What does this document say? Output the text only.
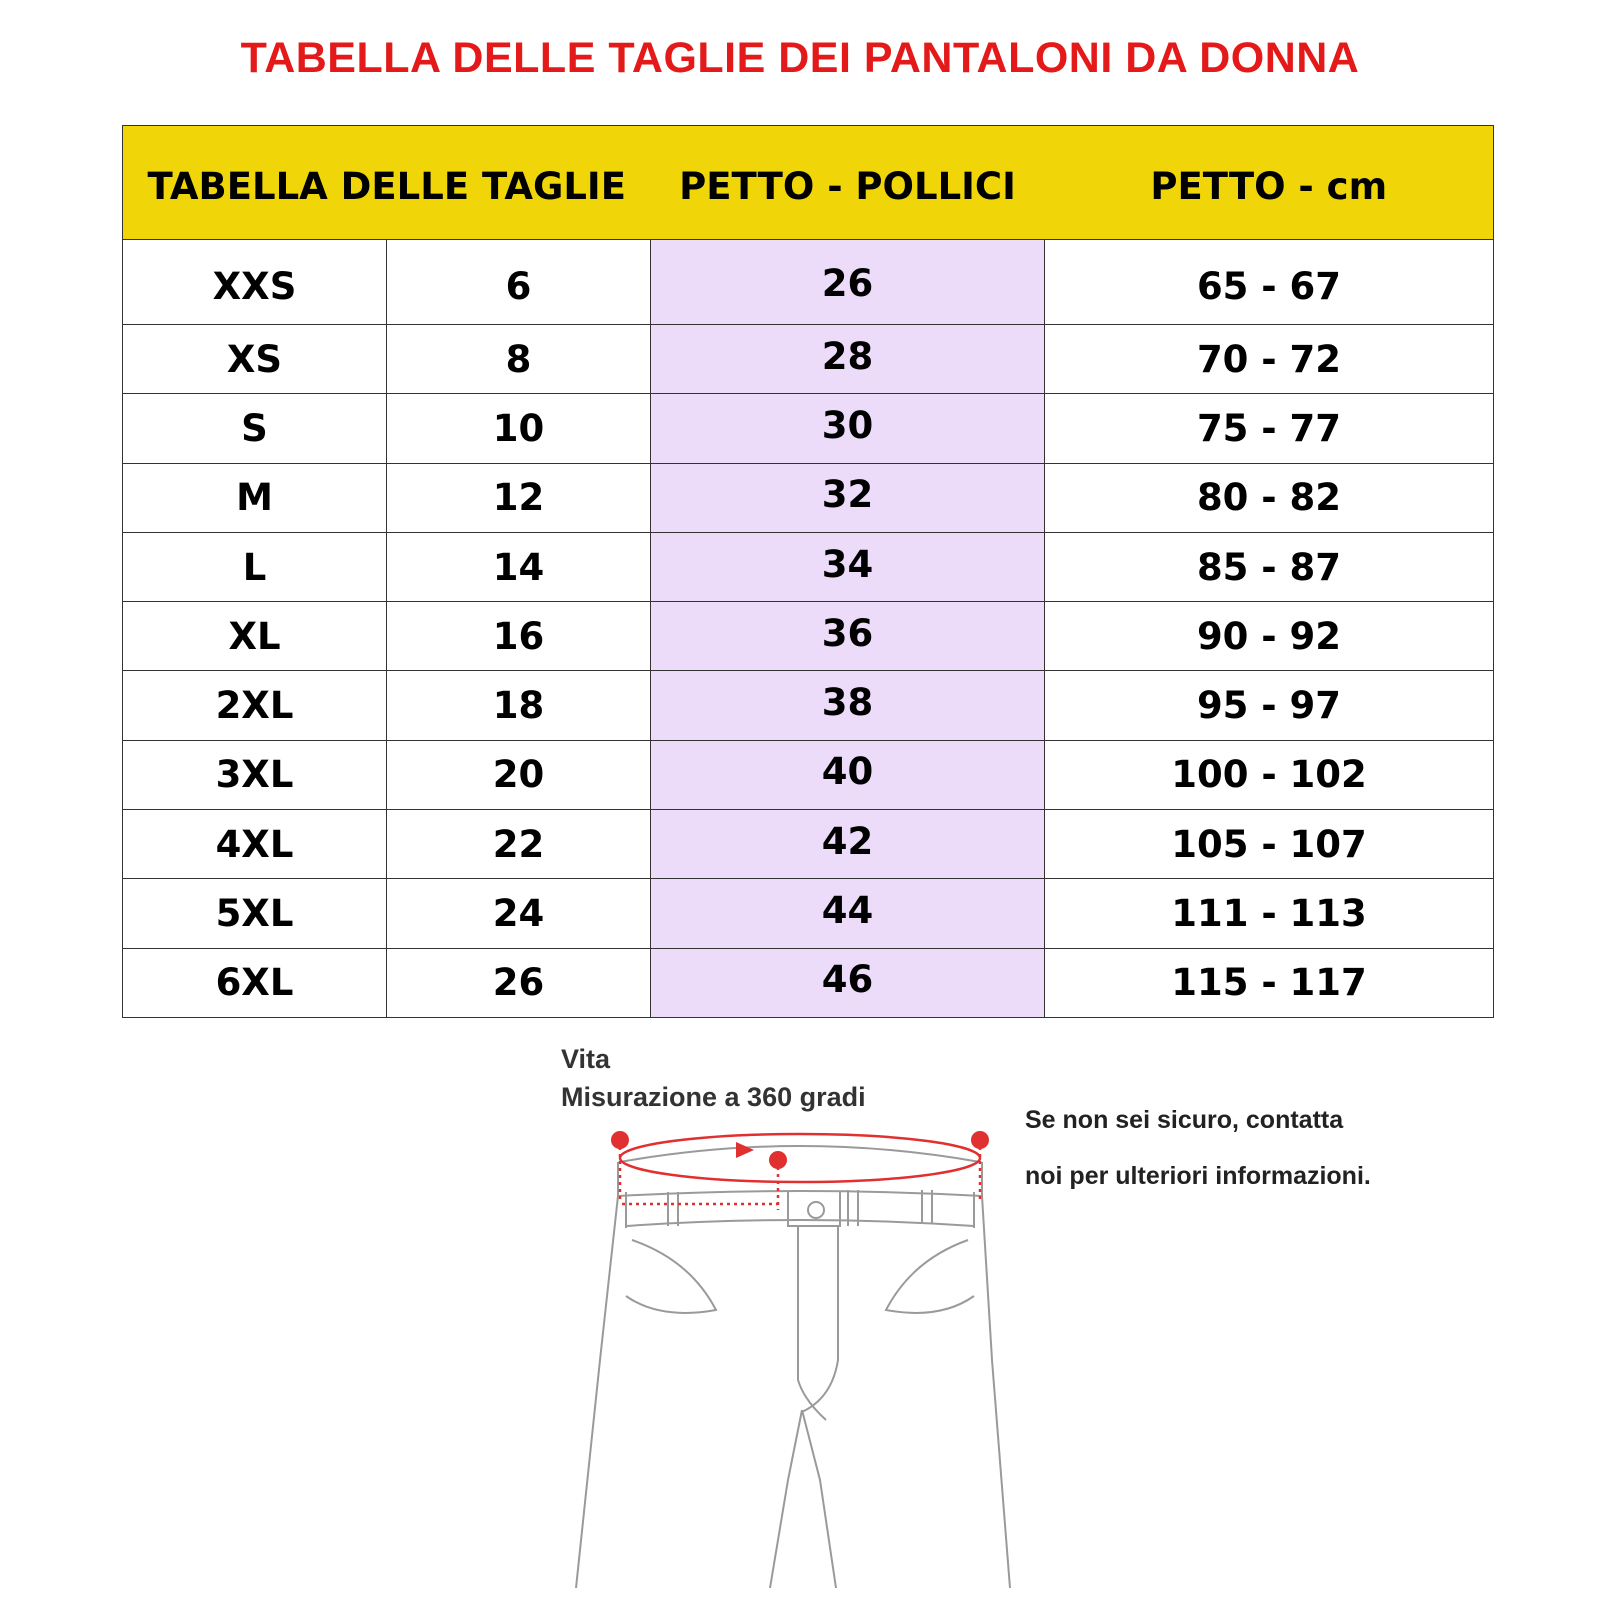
TABELLA DELLE TAGLIE DEI PANTALONI DA DONNA
TABELLA DELLE TAGLIE		PETTO - POLLICI	PETTO - cm
XXS	6	26	65 - 67
XS	8	28	70 - 72
S	10	30	75 - 77
M	12	32	80 - 82
L	14	34	85 - 87
XL	16	36	90 - 92
2XL	18	38	95 - 97
3XL	20	40	100 - 102
4XL	22	42	105 - 107
5XL	24	44	111 - 113
6XL	26	46	115 - 117
Vita
Misurazione a 360 gradi
Se non sei sicuro, contatta
noi per ulteriori informazioni.
